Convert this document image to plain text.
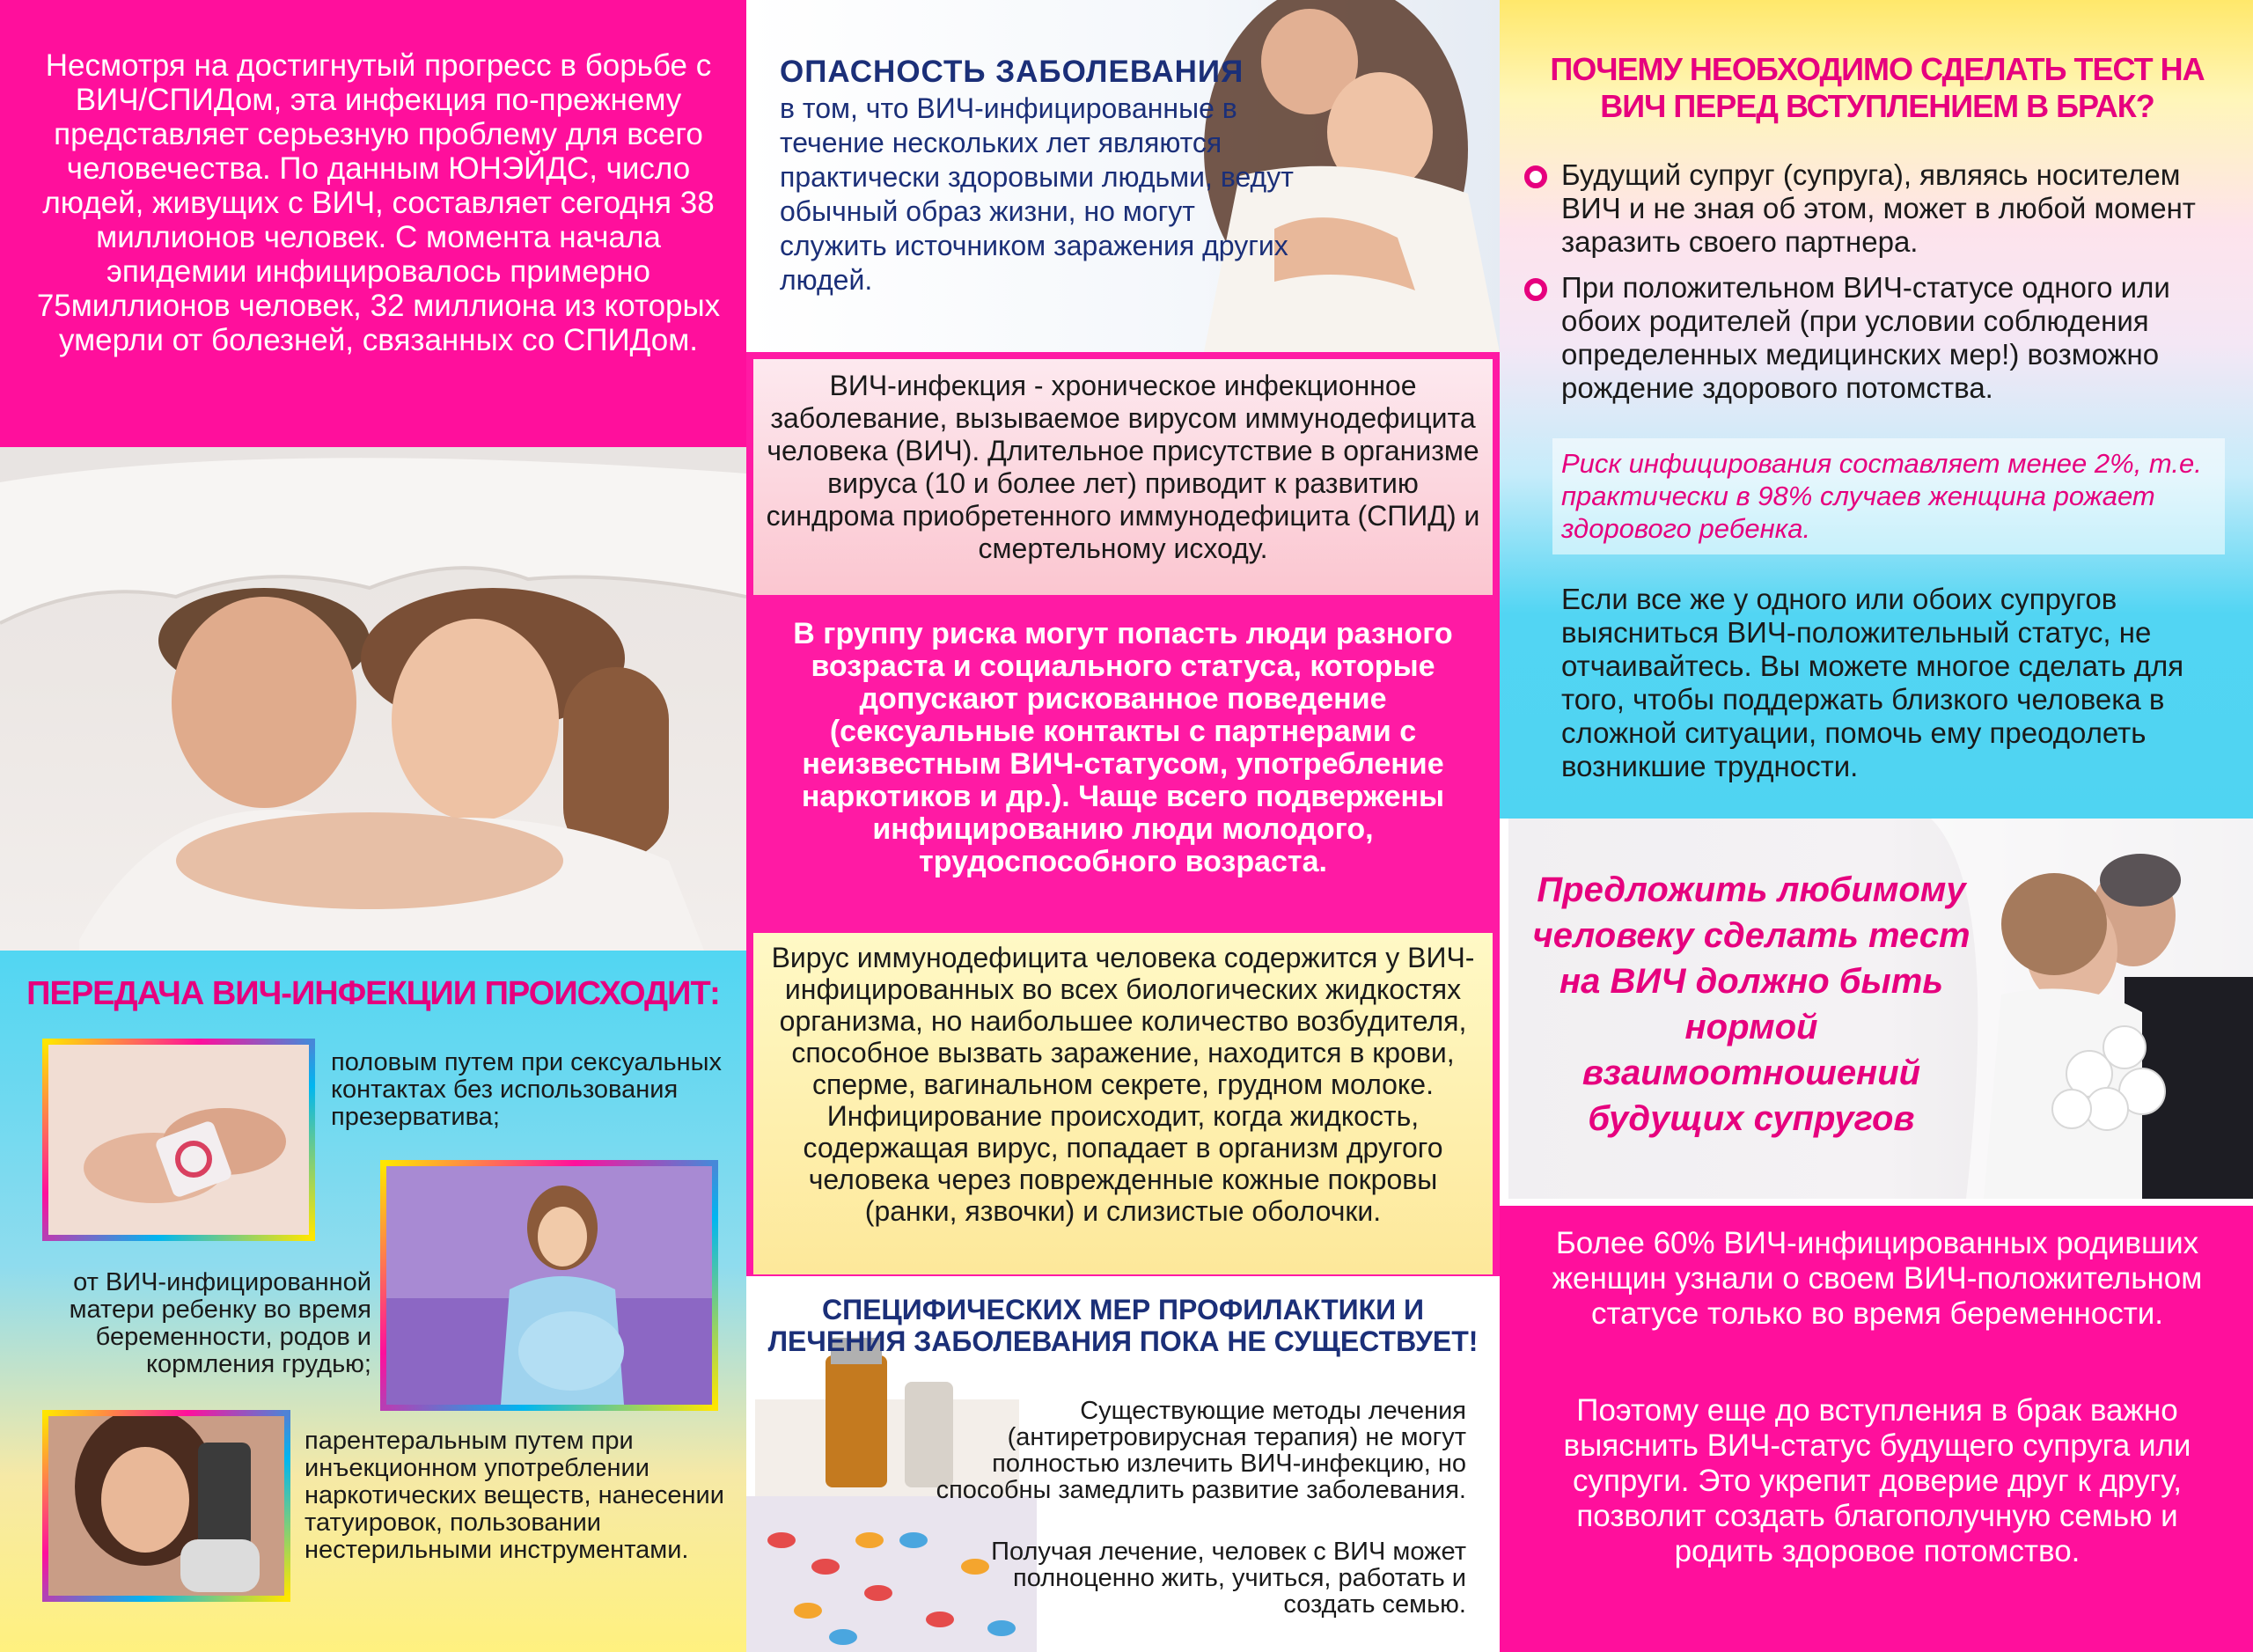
Несмотря на достигнутый прогресс в борьбе с ВИЧ/СПИДом, эта инфекция по-прежнему представляет серьезную проблему для всего человечества. По данным ЮНЭЙДС, число людей, живущих с ВИЧ, составляет сегодня 38 миллионов человек. С момента начала эпидемии инфицировалось примерно 75миллионов человек, 32 миллиона из которых умерли от болезней, связанных со СПИДом.
ПЕРЕДАЧА ВИЧ-ИНФЕКЦИИ ПРОИСХОДИТ:
половым путем при сексуальных контактах без использования презерватива;
от ВИЧ-инфицированной матери ребенку во время беременности, родов и кормления грудью;
парентеральным путем при инъекционном употреблении наркотических веществ, нанесении татуировок, пользовании нестерильными инструментами.
ОПАСНОСТЬ ЗАБОЛЕВАНИЯ
в том, что ВИЧ-инфицированные в течение нескольких лет являются практически здоровыми людьми, ведут обычный образ жизни, но могут служить источником заражения других людей.
ВИЧ-инфекция - хроническое инфекционное заболевание, вызываемое вирусом иммунодефицита человека (ВИЧ). Длительное присутствие в организме вируса (10 и более лет) приводит к развитию синдрома приобретенного иммунодефицита (СПИД) и смертельному исходу.
В группу риска могут попасть люди разного возраста и социального статуса, которые допускают рискованное поведение (сексуальные контакты с партнерами с неизвестным ВИЧ-статусом, употребление наркотиков и др.). Чаще всего подвержены инфицированию люди молодого, трудоспособного возраста.
Вирус иммунодефицита человека содержится у ВИЧ-инфицированных во всех биологических жидкостях организма, но наибольшее количество возбудителя, способное вызвать заражение, находится в крови, сперме, вагинальном секрете, грудном молоке. Инфицирование происходит, когда жидкость, содержащая вирус, попадает в организм другого человека через поврежденные кожные покровы (ранки, язвочки) и слизистые оболочки.
СПЕЦИФИЧЕСКИХ МЕР ПРОФИЛАКТИКИ И ЛЕЧЕНИЯ ЗАБОЛЕВАНИЯ ПОКА НЕ СУЩЕСТВУЕТ!
Существующие методы лечения (антиретровирусная терапия) не могут полностью излечить ВИЧ-инфекцию, но способны замедлить развитие заболевания.
Получая лечение, человек с ВИЧ может полноценно жить, учиться, работать и создать семью.
ПОЧЕМУ НЕОБХОДИМО СДЕЛАТЬ ТЕСТ НА ВИЧ ПЕРЕД ВСТУПЛЕНИЕМ В БРАК?
Будущий супруг (супруга), являясь носителем ВИЧ и не зная об этом, может в любой момент заразить своего партнера.
При положительном ВИЧ-статусе одного или обоих родителей (при условии соблюдения определенных медицинских мер!) возможно рождение здорового потомства.
Риск инфицирования составляет менее 2%, т.е. практически в 98% случаев женщина рожает здорового ребенка.
Если все же у одного или обоих супругов выясниться ВИЧ-положительный статус, не отчаивайтесь. Вы можете многое сделать для того, чтобы поддержать близкого человека в сложной ситуации, помочь ему преодолеть возникшие трудности.
Предложить любимому человеку сделать тест на ВИЧ должно быть нормой взаимоотношений будущих супругов
Более 60% ВИЧ-инфицированных родивших женщин узнали о своем ВИЧ-положительном статусе только во время беременности.
Поэтому еще до вступления в брак важно выяснить ВИЧ-статус будущего супруга или супруги. Это укрепит доверие друг к другу, позволит создать благополучную семью и родить здоровое потомство.
